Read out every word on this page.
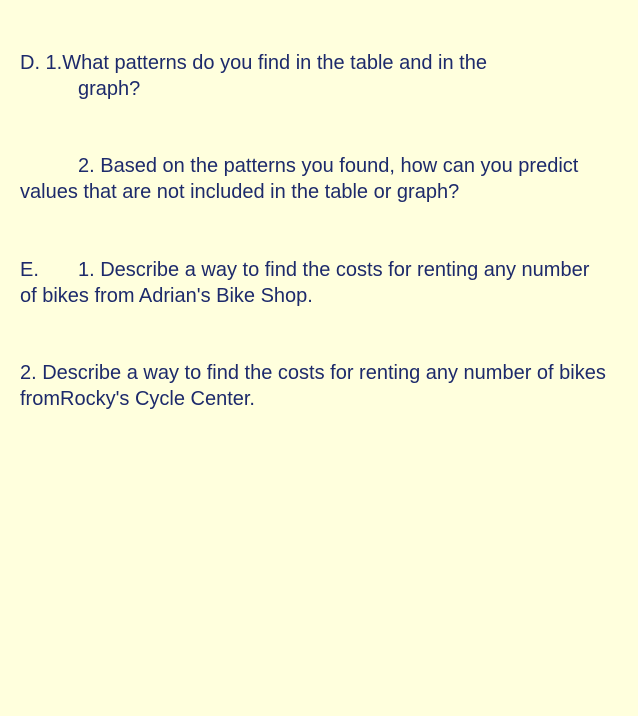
D. 1.What patterns do you find in the table and in the
graph?
2. Based on the patterns you found, how can you predict
values that are not included in the table or graph?
E. 1. Describe a way to find the costs for renting any number
of bikes from Adrian's Bike Shop.
2. Describe a way to find the costs for renting any number of bikes
fromRocky's Cycle Center.
